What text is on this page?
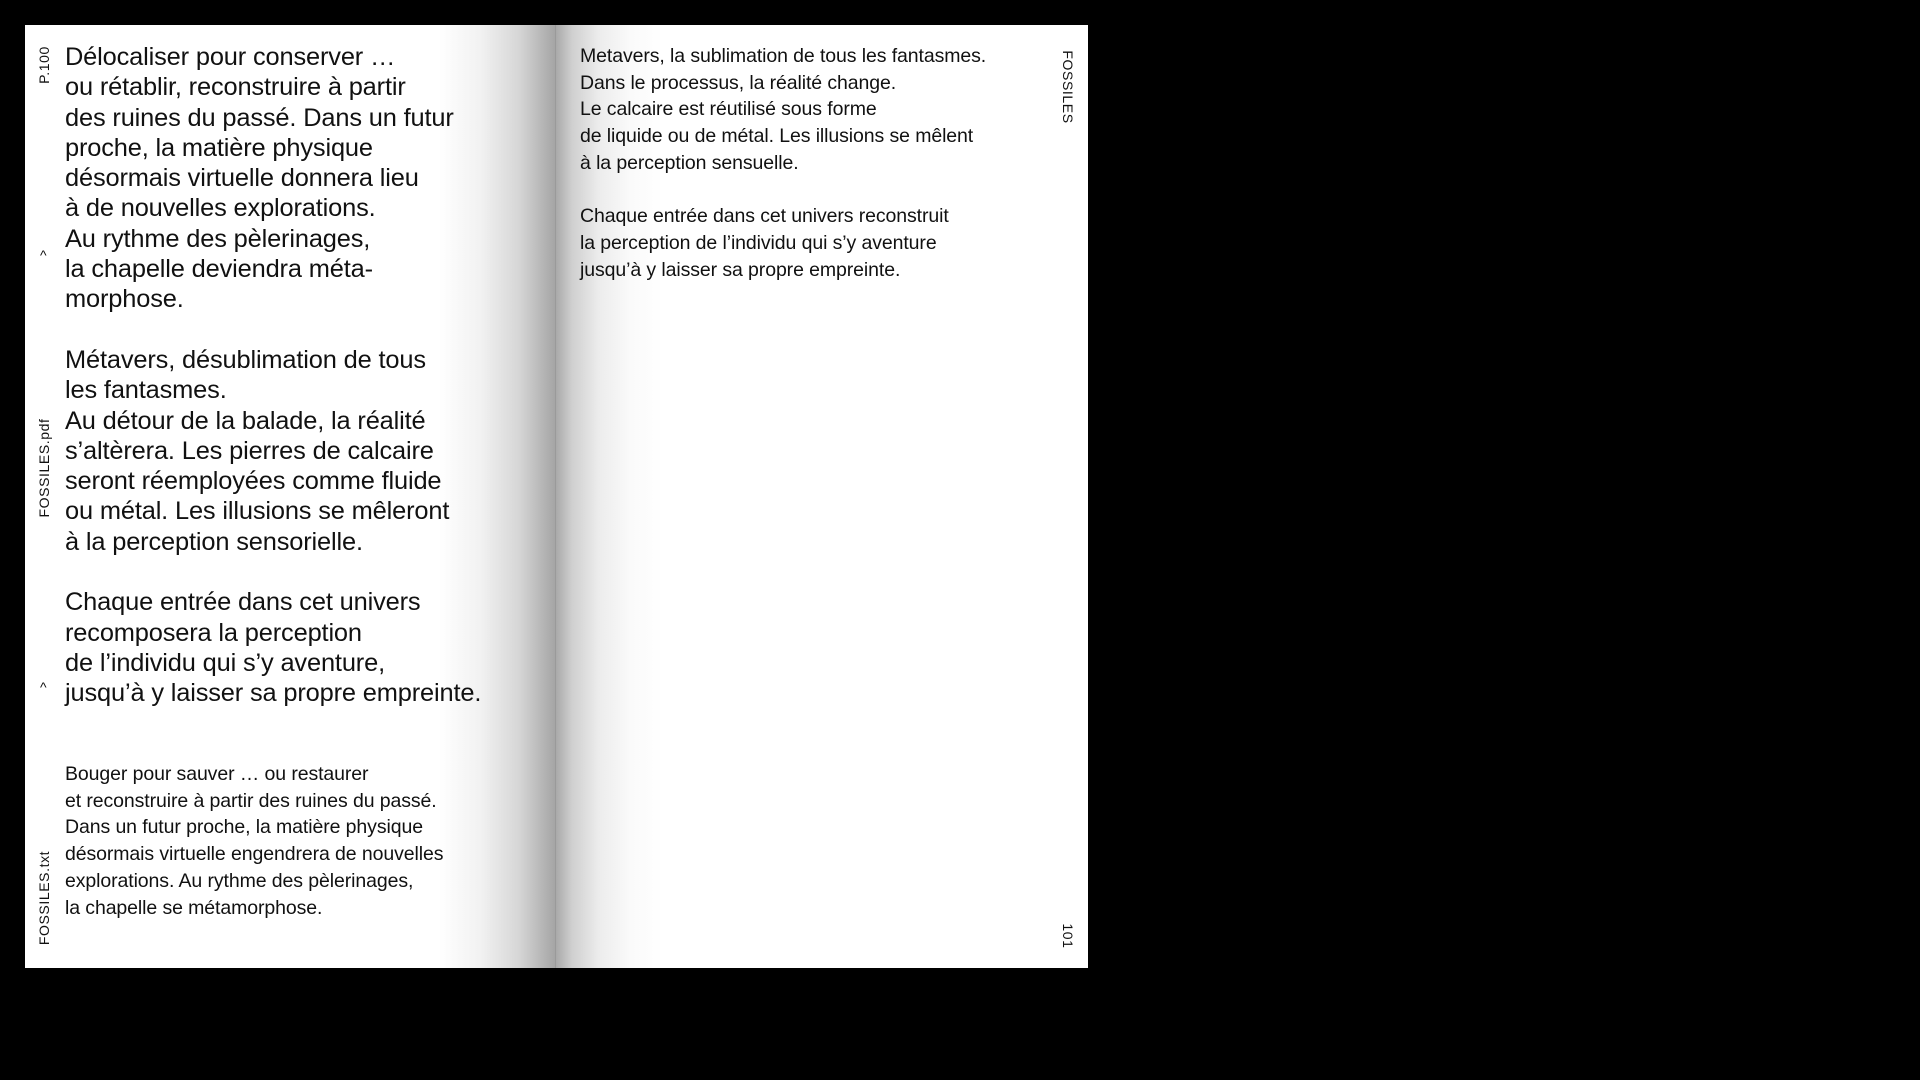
P.100
^
FOSSILES.pdf
^
FOSSILES.txt

Délocaliser pour conserver …
ou rétablir, reconstruire à partir
des ruines du passé. Dans un futur
proche, la matière physique
désormais virtuelle donnera lieu
à de nouvelles explorations.
Au rythme des pèlerinages,
la chapelle deviendra méta-
morphose.

Métavers, désublimation de tous
les fantasmes.
Au détour de la balade, la réalité
s’altèrera. Les pierres de calcaire
seront réemployées comme fluide
ou métal. Les illusions se mêleront
à la perception sensorielle.

Chaque entrée dans cet univers
recomposera la perception
de l’individu qui s’y aventure,
jusqu’à y laisser sa propre empreinte.

Bouger pour sauver … ou restaurer
et reconstruire à partir des ruines du passé.
Dans un futur proche, la matière physique
désormais virtuelle engendrera de nouvelles
explorations. Au rythme des pèlerinages,
la chapelle se métamorphose.

Metavers, la sublimation de tous les fantasmes.
Dans le processus, la réalité change.
Le calcaire est réutilisé sous forme
de liquide ou de métal. Les illusions se mêlent
à la perception sensuelle.

Chaque entrée dans cet univers reconstruit
la perception de l’individu qui s’y aventure
jusqu’à y laisser sa propre empreinte.

FOSSILES
101
